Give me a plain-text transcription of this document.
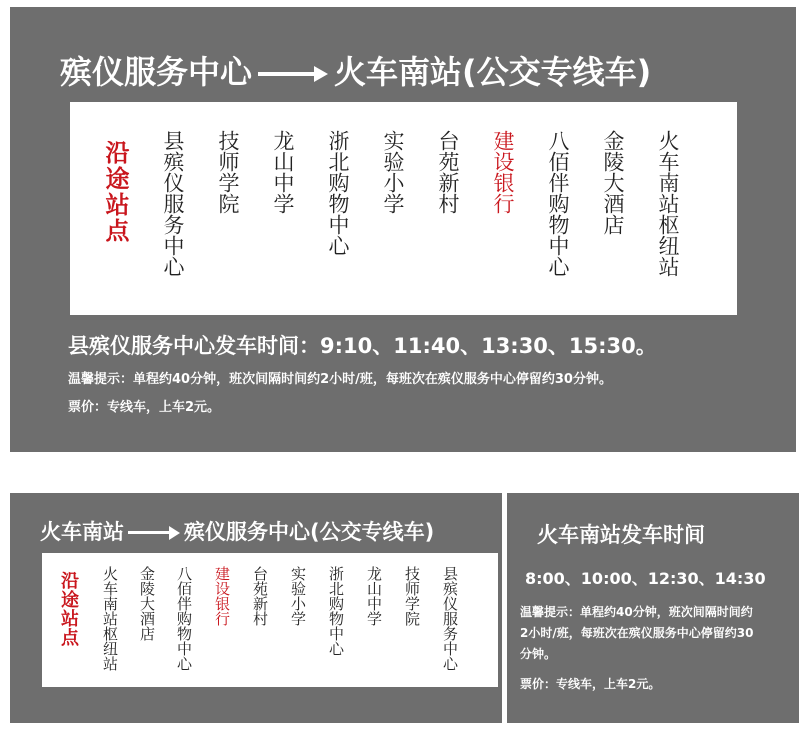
殡仪服务中心	火车南站(公交专线车)
沿途站点 县殡仪服务中心 技师学院 龙山中学 浙北购物中心 实验小学 台苑新村 建设银行 八佰伴购物中心 金陵大酒店 火车南站枢纽站
县殡仪服务中心发车时间：9:10、11:40、13:30、15:30。
温馨提示：单程约40分钟，班次间隔时间约2小时/班，每班次在殡仪服务中心停留约30分钟。
票价：专线车，上车2元。
火车南站	殡仪服务中心(公交专线车)
沿途站点 火车南站枢纽站 金陵大酒店 八佰伴购物中心 建设银行 台苑新村 实验小学 浙北购物中心 龙山中学 技师学院 县殡仪服务中心
火车南站发车时间
8:00、10:00、12:30、14:30
温馨提示：单程约40分钟，班次间隔时间约2小时/班，每班次在殡仪服务中心停留约30分钟。
票价：专线车，上车2元。
